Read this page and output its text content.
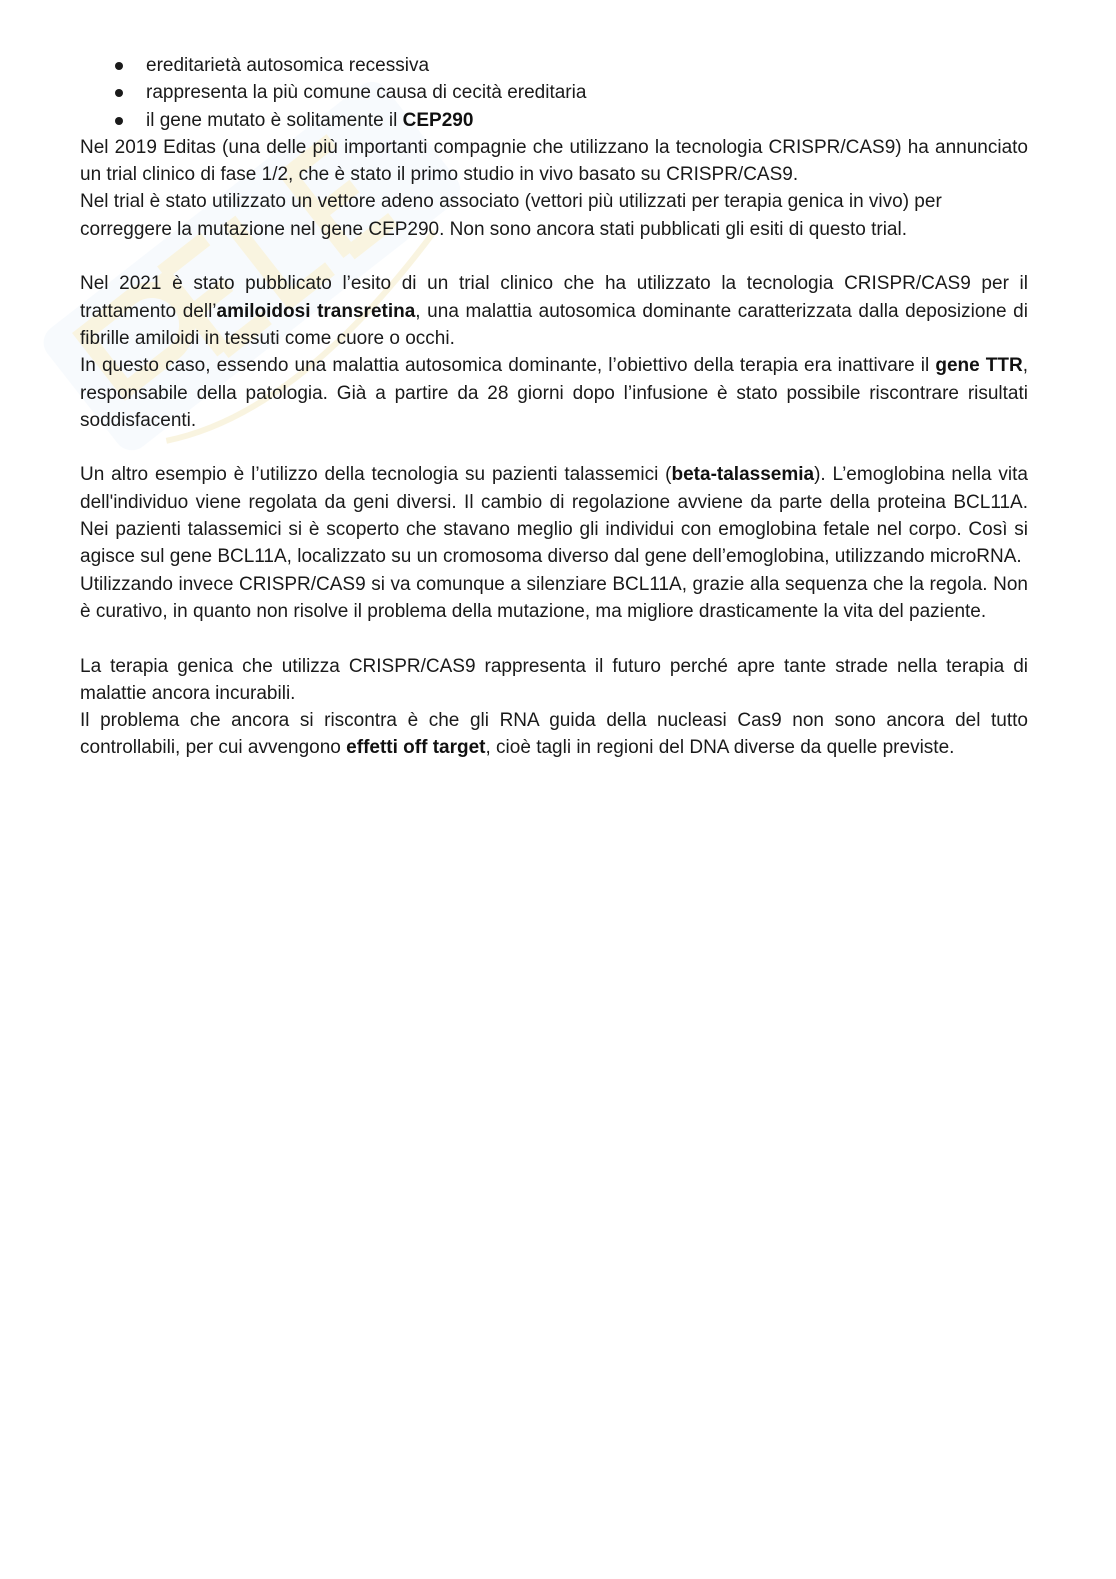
ereditarietà autosomica recessiva
rappresenta la più comune causa di cecità ereditaria
il gene mutato è solitamente il CEP290

Nel 2019 Editas (una delle più importanti compagnie che utilizzano la tecnologia CRISPR/CAS9) ha annunciato un trial clinico di fase 1/2, che è stato il primo studio in vivo basato su CRISPR/CAS9.

Nel trial è stato utilizzato un vettore adeno associato (vettori più utilizzati per terapia genica in vivo) per correggere la mutazione nel gene CEP290. Non sono ancora stati pubblicati gli esiti di questo trial.

Nel 2021 è stato pubblicato l’esito di un trial clinico che ha utilizzato la tecnologia CRISPR/CAS9 per il trattamento dell’amiloidosi transretina, una malattia autosomica dominante caratterizzata dalla deposizione di fibrille amiloidi in tessuti come cuore o occhi.

In questo caso, essendo una malattia autosomica dominante, l’obiettivo della terapia era inattivare il gene TTR, responsabile della patologia. Già a partire da 28 giorni dopo l’infusione è stato possibile riscontrare risultati soddisfacenti.

Un altro esempio è l’utilizzo della tecnologia su pazienti talassemici (beta-talassemia). L’emoglobina nella vita dell'individuo viene regolata da geni diversi. Il cambio di regolazione avviene da parte della proteina BCL11A. Nei pazienti talassemici si è scoperto che stavano meglio gli individui con emoglobina fetale nel corpo. Così si agisce sul gene BCL11A, localizzato su un cromosoma diverso dal gene dell’emoglobina, utilizzando microRNA.

Utilizzando invece CRISPR/CAS9 si va comunque a silenziare BCL11A, grazie alla sequenza che la regola. Non è curativo, in quanto non risolve il problema della mutazione, ma migliore drasticamente la vita del paziente.

La terapia genica che utilizza CRISPR/CAS9 rappresenta il futuro perché apre tante strade nella terapia di malattie ancora incurabili.

Il problema che ancora si riscontra è che gli RNA guida della nucleasi Cas9 non sono ancora del tutto controllabili, per cui avvengono effetti off target, cioè tagli in regioni del DNA diverse da quelle previste.
